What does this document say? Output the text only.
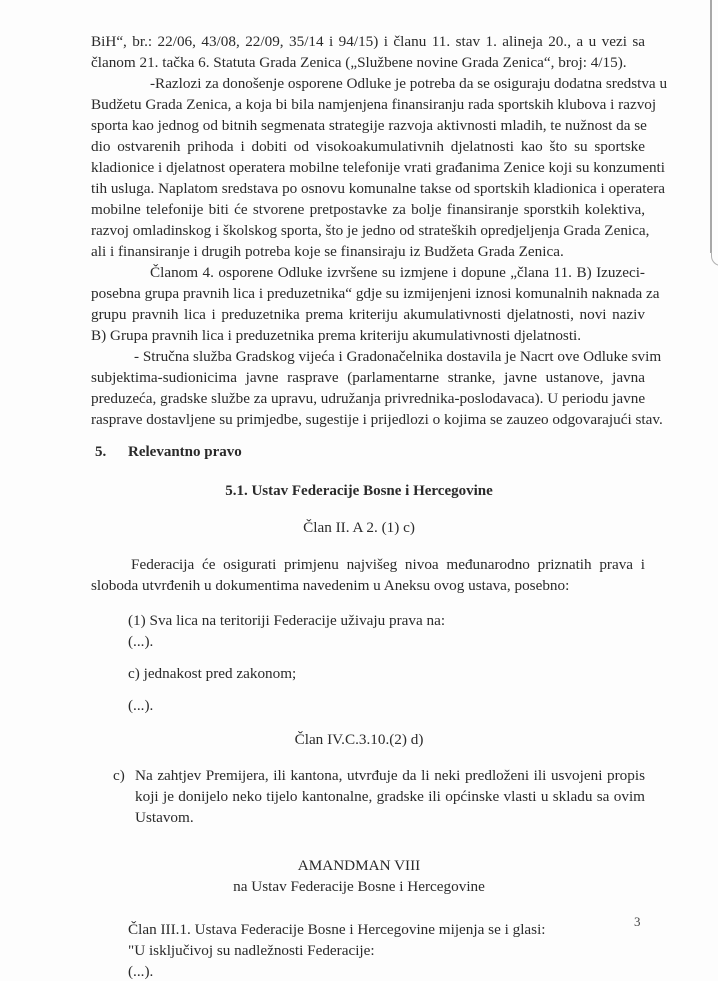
BiH“, br.: 22/06, 43/08, 22/09, 35/14 i 94/15) i članu 11. stav 1. alineja 20., a u vezi sa
članom 21. tačka 6. Statuta Grada Zenica („Službene novine Grada Zenica“, broj: 4/15).
-Razlozi za donošenje osporene Odluke je potreba da se osiguraju dodatna sredstva u
Budžetu Grada Zenica, a koja bi bila namjenjena finansiranju rada sportskih klubova i razvoj
sporta kao jednog od bitnih segmenata strategije razvoja aktivnosti mladih, te nužnost da se
dio ostvarenih prihoda i dobiti od visokoakumulativnih djelatnosti kao što su sportske
kladionice i djelatnost operatera mobilne telefonije vrati građanima Zenice koji su konzumenti
tih usluga. Naplatom sredstava po osnovu komunalne takse od sportskih kladionica i operatera
mobilne telefonije biti će stvorene pretpostavke za bolje finansiranje sporstkih kolektiva,
razvoj omladinskog i školskog sporta, što je jedno od strateških opredjeljenja Grada Zenica,
ali i finansiranje i drugih potreba koje se finansiraju iz Budžeta Grada Zenica.
Članom 4. osporene Odluke izvršene su izmjene i dopune „člana 11. B) Izuzeci-
posebna grupa pravnih lica i preduzetnika“ gdje su izmijenjeni iznosi komunalnih naknada za
grupu pravnih lica i preduzetnika prema kriteriju akumulativnosti djelatnosti, novi naziv
B) Grupa pravnih lica i preduzetnika prema kriteriju akumulativnosti djelatnosti.
- Stručna služba Gradskog vijeća i Gradonačelnika dostavila je Nacrt ove Odluke svim
subjektima-sudionicima javne rasprave (parlamentarne stranke, javne ustanove, javna
preduzeća, gradske službe za upravu, udružanja privrednika-poslodavaca). U periodu javne
rasprave dostavljene su primjedbe, sugestije i prijedlozi o kojima se zauzeo odgovarajući stav.
5. Relevantno pravo
5.1. Ustav Federacije Bosne i Hercegovine
Član II. A 2. (1) c)
Federacija će osigurati primjenu najvišeg nivoa međunarodno priznatih prava i
sloboda utvrđenih u dokumentima navedenim u Aneksu ovog ustava, posebno:
(1) Sva lica na teritoriji Federacije uživaju prava na:
(...).
c) jednakost pred zakonom;
(...).
Član IV.C.3.10.(2) d)
c) Na zahtjev Premijera, ili kantona, utvrđuje da li neki predloženi ili usvojeni propis
koji je donijelo neko tijelo kantonalne, gradske ili općinske vlasti u skladu sa ovim
Ustavom.
AMANDMAN VIII
na Ustav Federacije Bosne i Hercegovine
Član III.1. Ustava Federacije Bosne i Hercegovine mijenja se i glasi:
"U isključivoj su nadležnosti Federacije:
(...).
3
